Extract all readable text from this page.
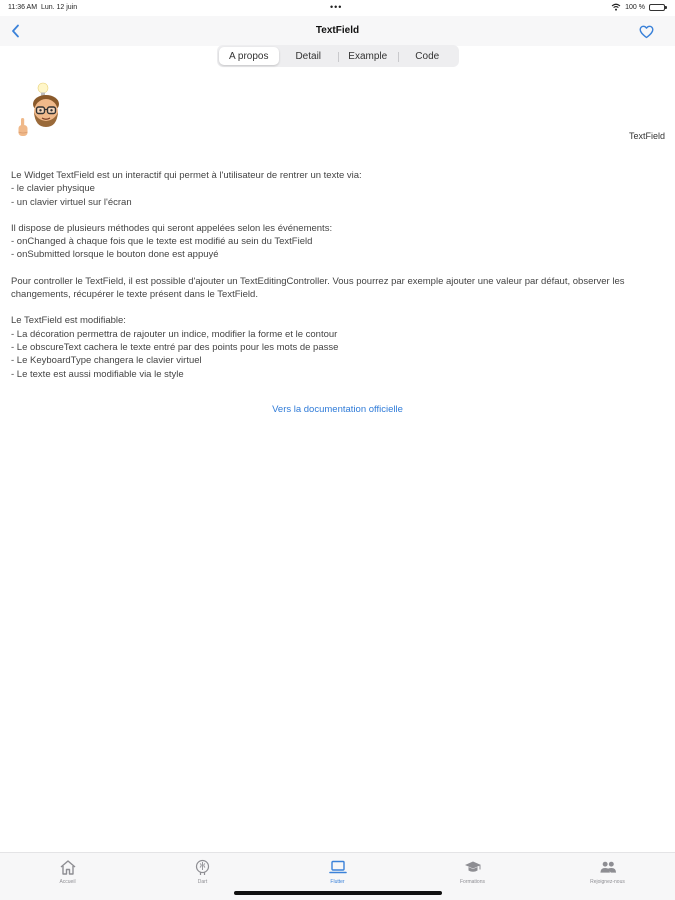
11:36 AM Lun. 12 juin	•••	100 %
TextField
A propos	Detail	Example	Code
TextField

Le Widget TextField est un interactif qui permet à l'utilisateur de rentrer un texte via:
- le clavier physique
- un clavier virtuel sur l'écran

Il dispose de plusieurs méthodes qui seront appelées selon les événements:
- onChanged à chaque fois que le texte est modifié au sein du TextField
- onSubmitted lorsque le bouton done est appuyé

Pour controller le TextField, il est possible d'ajouter un TextEditingController. Vous pourrez par exemple ajouter une valeur par défaut, observer les changements, récupérer le texte présent dans le TextField.

Le TextField est modifiable:
- La décoration permettra de rajouter un indice, modifier la forme et le contour
- Le obscureText cachera le texte entré par des points pour les mots de passe
- Le KeyboardType changera le clavier virtuel
- Le texte est aussi modifiable via le style

Vers la documentation officielle
Accueil	Dart	Flutter	Formations	Rejoignez-nous
